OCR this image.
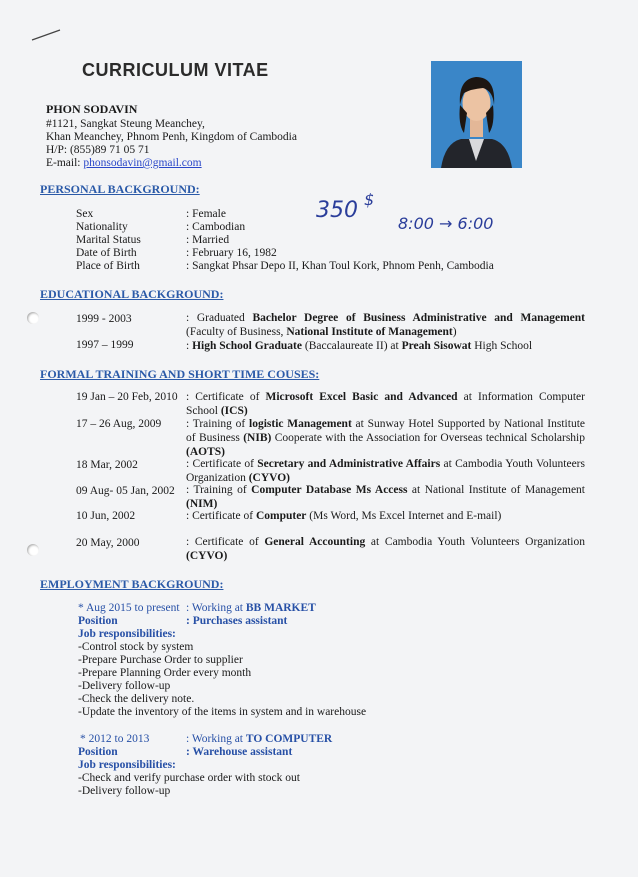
CURRICULUM VITAE
PHON SODAVIN
#1121, Sangkat Steung Meanchey,
Khan Meanchey, Phnom Penh, Kingdom of Cambodia
H/P: (855)89 71 05 71
E-mail: phonsodavin@gmail.com
350 $
8:00 → 6:00
PERSONAL BACKGROUND:
Sex	: Female
Nationality	: Cambodian
Marital Status	: Married
Date of Birth	: February 16, 1982
Place of Birth	: Sangkat Phsar Depo II, Khan Toul Kork, Phnom Penh, Cambodia
EDUCATIONAL BACKGROUND:
1999 - 2003	: Graduated Bachelor Degree of Business Administrative and Management (Faculty of Business, National Institute of Management)
1997 – 1999	: High School Graduate (Baccalaureate II) at Preah Sisowat High School
FORMAL TRAINING AND SHORT TIME COUSES:
19 Jan – 20 Feb, 2010 : Certificate of Microsoft Excel Basic and Advanced at Information Computer School (ICS)
17 – 26 Aug, 2009 : Training of logistic Management at Sunway Hotel Supported by National Institute of Business (NIB) Cooperate with the Association for Overseas technical Scholarship (AOTS)
18 Mar, 2002	: Certificate of Secretary and Administrative Affairs at Cambodia Youth Volunteers Organization (CYVO)
09 Aug- 05 Jan, 2002 : Training of Computer Database Ms Access at National Institute of Management (NIM)
10 Jun, 2002	: Certificate of Computer (Ms Word, Ms Excel Internet and E-mail)
20 May, 2000	: Certificate of General Accounting at Cambodia Youth Volunteers Organization (CYVO)
EMPLOYMENT BACKGROUND:
* Aug 2015 to present : Working at BB MARKET
Position	: Purchases assistant
Job responsibilities:
-Control stock by system
-Prepare Purchase Order to supplier
-Prepare Planning Order every month
-Delivery follow-up
-Check the delivery note.
-Update the inventory of the items in system and in warehouse
* 2012 to 2013	: Working at TO COMPUTER
Position	: Warehouse assistant
Job responsibilities:
-Check and verify purchase order with stock out
-Delivery follow-up
